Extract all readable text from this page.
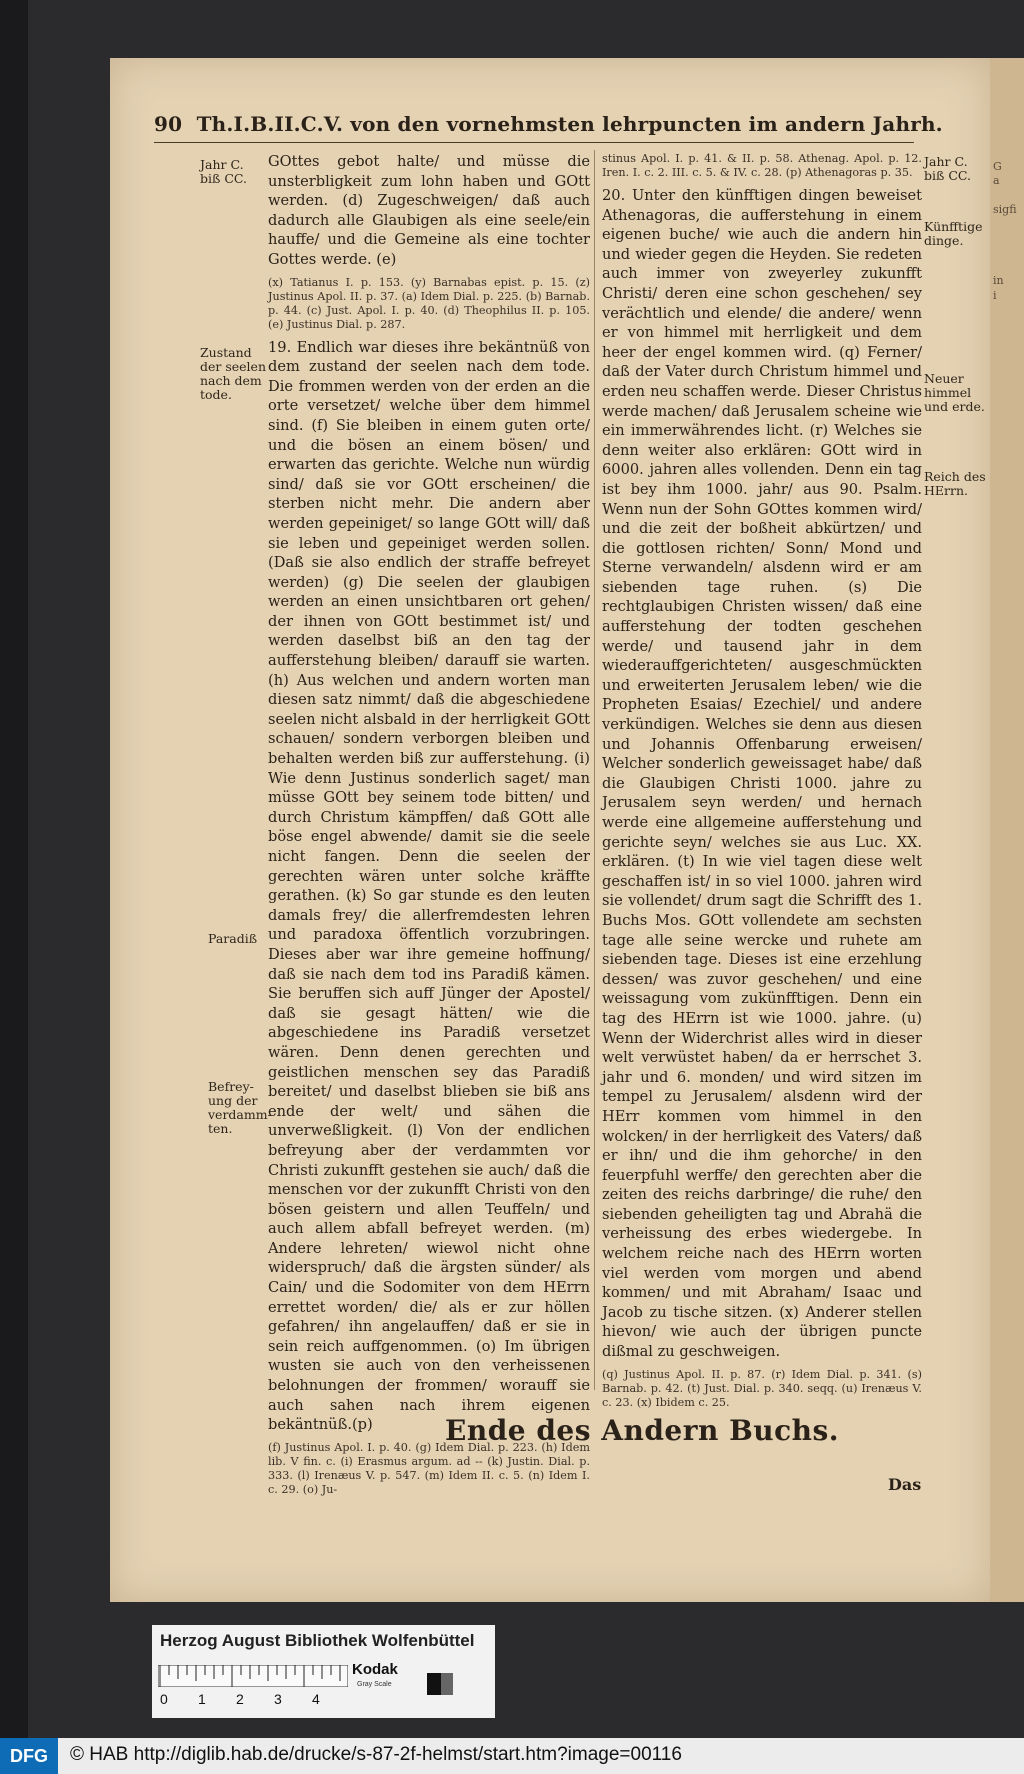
G
a

sigfi

in
i
90 Th.I.B.II.C.V. von den vornehmsten lehrpuncten im andern Jahrh.
Jahr C.
biß CC.
Zustand
der seelen
nach dem
tode.
Paradiß
Befrey-
ung der
verdamm-
ten.
Jahr C.
biß CC.
Künfftige
dinge.
Neuer
himmel
und erde.
Reich des
HErrn.

GOttes gebot halte/ und müsse die unsterbligkeit zum lohn haben und GOtt werden. (d) Zugeschweigen/ daß auch dadurch alle Glaubigen als eine seele/ein hauffe/ und die Gemeine als eine tochter Gottes werde. (e)

(x) Tatianus I. p. 153. (y) Barnabas epist. p. 15. (z) Justinus Apol. II. p. 37. (a) Idem Dial. p. 225. (b) Barnab. p. 44. (c) Just. Apol. I. p. 40. (d) Theophilus II. p. 105. (e) Justinus Dial. p. 287.

19. Endlich war dieses ihre bekäntnüß von dem zustand der seelen nach dem tode. Die frommen werden von der erden an die orte versetzet/ welche über dem himmel sind. (f) Sie bleiben in einem guten orte/ und die bösen an einem bösen/ und erwarten das gerichte. Welche nun würdig sind/ daß sie vor GOtt erscheinen/ die sterben nicht mehr. Die andern aber werden gepeiniget/ so lange GOtt will/ daß sie leben und gepeiniget werden sollen. (Daß sie also endlich der straffe befreyet werden) (g) Die seelen der glaubigen werden an einen unsichtbaren ort gehen/ der ihnen von GOtt bestimmet ist/ und werden daselbst biß an den tag der aufferstehung bleiben/ darauff sie warten. (h) Aus welchen und andern worten man diesen satz nimmt/ daß die abgeschiedene seelen nicht alsbald in der herrligkeit GOtt schauen/ sondern verborgen bleiben und behalten werden biß zur aufferstehung. (i) Wie denn Justinus sonderlich saget/ man müsse GOtt bey seinem tode bitten/ und durch Christum kämpffen/ daß GOtt alle böse engel abwende/ damit sie die seele nicht fangen. Denn die seelen der gerechten wären unter solche kräffte gerathen. (k) So gar stunde es den leuten damals frey/ die allerfremdesten lehren und paradoxa öffentlich vorzubringen. Dieses aber war ihre gemeine hoffnung/ daß sie nach dem tod ins Paradiß kämen. Sie beruffen sich auff Jünger der Apostel/ daß sie gesagt hätten/ wie die abgeschiedene ins Paradiß versetzet wären. Denn denen gerechten und geistlichen menschen sey das Paradiß bereitet/ und daselbst blieben sie biß ans ende der welt/ und sähen die unverweßligkeit. (l) Von der endlichen befreyung aber der verdammten vor Christi zukunfft gestehen sie auch/ daß die menschen vor der zukunfft Christi von den bösen geistern und allen Teuffeln/ und auch allem abfall befreyet werden. (m) Andere lehreten/ wiewol nicht ohne widerspruch/ daß die ärgsten sünder/ als Cain/ und die Sodomiter von dem HErrn errettet worden/ die/ als er zur höllen gefahren/ ihn angelauffen/ daß er sie in sein reich auffgenommen. (o) Im übrigen wusten sie auch von den verheissenen belohnungen der frommen/ worauff sie auch sahen nach ihrem eigenen bekäntnüß.(p)

(f) Justinus Apol. I. p. 40. (g) Idem Dial. p. 223. (h) Idem lib. V fin. c. (i) Erasmus argum. ad -- (k) Justin. Dial. p. 333. (l) Irenæus V. p. 547. (m) Idem II. c. 5. (n) Idem I. c. 29. (o) Ju-

stinus Apol. I. p. 41. & II. p. 58. Athenag. Apol. p. 12. Iren. I. c. 2. III. c. 5. & IV. c. 28. (p) Athenagoras p. 35.

20. Unter den künfftigen dingen beweiset Athenagoras, die aufferstehung in einem eigenen buche/ wie auch die andern hin und wieder gegen die Heyden. Sie redeten auch immer von zweyerley zukunfft Christi/ deren eine schon geschehen/ sey verächtlich und elende/ die andere/ wenn er von himmel mit herrligkeit und dem heer der engel kommen wird. (q) Ferner/ daß der Vater durch Christum himmel und erden neu schaffen werde. Dieser Christus werde machen/ daß Jerusalem scheine wie ein immerwährendes licht. (r) Welches sie denn weiter also erklären: GOtt wird in 6000. jahren alles vollenden. Denn ein tag ist bey ihm 1000. jahr/ aus 90. Psalm. Wenn nun der Sohn GOttes kommen wird/ und die zeit der boßheit abkürtzen/ und die gottlosen richten/ Sonn/ Mond und Sterne verwandeln/ alsdenn wird er am siebenden tage ruhen. (s) Die rechtglaubigen Christen wissen/ daß eine aufferstehung der todten geschehen werde/ und tausend jahr in dem wiederauffgerichteten/ ausgeschmückten und erweiterten Jerusalem leben/ wie die Propheten Esaias/ Ezechiel/ und andere verkündigen. Welches sie denn aus diesen und Johannis Offenbarung erweisen/ Welcher sonderlich geweissaget habe/ daß die Glaubigen Christi 1000. jahre zu Jerusalem seyn werden/ und hernach werde eine allgemeine aufferstehung und gerichte seyn/ welches sie aus Luc. XX. erklären. (t) In wie viel tagen diese welt geschaffen ist/ in so viel 1000. jahren wird sie vollendet/ drum sagt die Schrifft des 1. Buchs Mos. GOtt vollendete am sechsten tage alle seine wercke und ruhete am siebenden tage. Dieses ist eine erzehlung dessen/ was zuvor geschehen/ und eine weissagung vom zukünfftigen. Denn ein tag des HErrn ist wie 1000. jahre. (u) Wenn der Widerchrist alles wird in dieser welt verwüstet haben/ da er herrschet 3. jahr und 6. monden/ und wird sitzen im tempel zu Jerusalem/ alsdenn wird der HErr kommen vom himmel in den wolcken/ in der herrligkeit des Vaters/ daß er ihn/ und die ihm gehorche/ in den feuerpfuhl werffe/ den gerechten aber die zeiten des reichs darbringe/ die ruhe/ den siebenden geheiligten tag und Abrahä die verheissung des erbes wiedergebe. In welchem reiche nach des HErrn worten viel werden vom morgen und abend kommen/ und mit Abraham/ Isaac und Jacob zu tische sitzen. (x) Anderer stellen hievon/ wie auch der übrigen puncte dißmal zu geschweigen.

(q) Justinus Apol. II. p. 87. (r) Idem Dial. p. 341. (s) Barnab. p. 42. (t) Just. Dial. p. 340. seqq. (u) Irenæus V. c. 23. (x) Ibidem c. 25.

Ende des Andern Buchs.
Das
Herzog August Bibliothek Wolfenbüttel
0 1 2 3 4
Kodak
Gray Scale
DFG	© HAB http://diglib.hab.de/drucke/s-87-2f-helmst/start.htm?image=00116
